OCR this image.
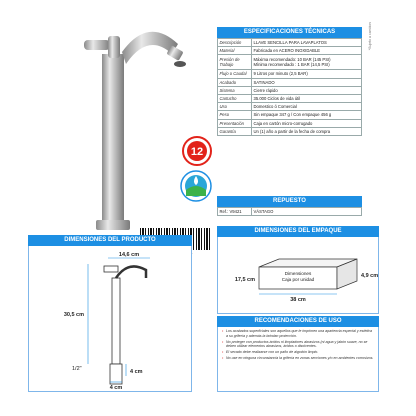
12
ESPECIFICACIONES TÉCNICAS
Descripción	LLAVE SENCILLA PARA LAVAPLATOS

Material	Fabricada en ACERO INOXIDABLE

Presión de Trabajo	Máxima recomendado: 10 BAR (145 PSI)
Mínima recomendado : 1 BAR (14,5 PSI)

Flujo o Caudal	9 Litros por minuto (2,5 BAR)

Acabado	SATINADO

Sistema	Cierre rápido

Cartucho	35.000 Ciclos de vida útil

Uso	Domestico ó Comercial

Peso	Sin empaque 347 g / Con empaque 456 g

Presentación	Caja en cartón micro-corrugado

Garantía	Un (1) año a partir de la fecha de compra
*Sujeto a cambios
REPUESTO
Ref.: V9421	VÁSTAGO
DIMENSIONES DEL PRODUCTO
14,6 cm
30,5 cm
1/2"	4 cm
4 cm
DIMENSIONES DEL EMPAQUE
Dimensiones
Caja por unidad
17,5 cm
38 cm
4,9 cm
RECOMENDACIONES DE USO
• Los acabados superficiales son aquellos que le imprimen una apariencia especial y estética a su grifería y además la brindan protección.
• No proteger con productos ácidos ni limpiadores abrasivos (ni agua y jabón suave, no se deben utilizar elementos abrasivos, ácidos o disolventes.
• El secado debe realizarse con un paño de algodón limpio.
• No use en ninguna circunstancia la grifería en zonas secciones y/o en ambientes corrosivos.
